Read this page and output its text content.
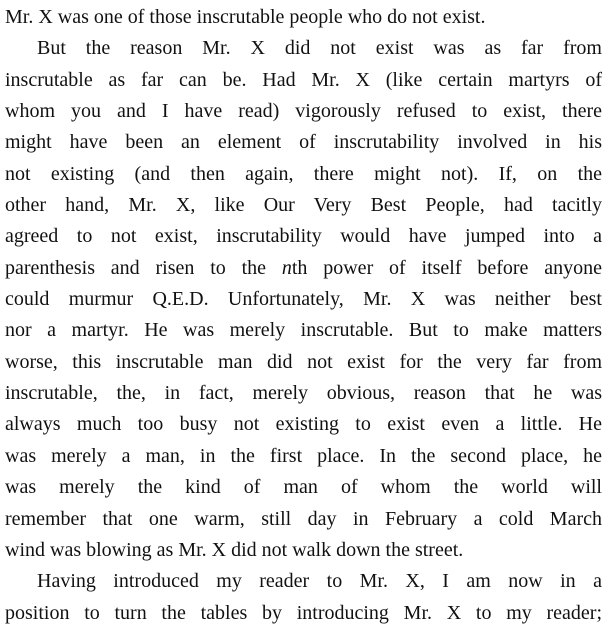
Mr. X was one of those inscrutable people who do not exist.
But the reason Mr. X did not exist was as far from
inscrutable as far can be. Had Mr. X (like certain martyrs of
whom you and I have read) vigorously refused to exist, there
might have been an element of inscrutability involved in his
not existing (and then again, there might not). If, on the
other hand, Mr. X, like Our Very Best People, had tacitly
agreed to not exist, inscrutability would have jumped into a
parenthesis and risen to the nth power of itself before anyone
could murmur Q.E.D. Unfortunately, Mr. X was neither best
nor a martyr. He was merely inscrutable. But to make matters
worse, this inscrutable man did not exist for the very far from
inscrutable, the, in fact, merely obvious, reason that he was
always much too busy not existing to exist even a little. He
was merely a man, in the first place. In the second place, he
was merely the kind of man of whom the world will
remember that one warm, still day in February a cold March
wind was blowing as Mr. X did not walk down the street.
Having introduced my reader to Mr. X, I am now in a
position to turn the tables by introducing Mr. X to my reader;
